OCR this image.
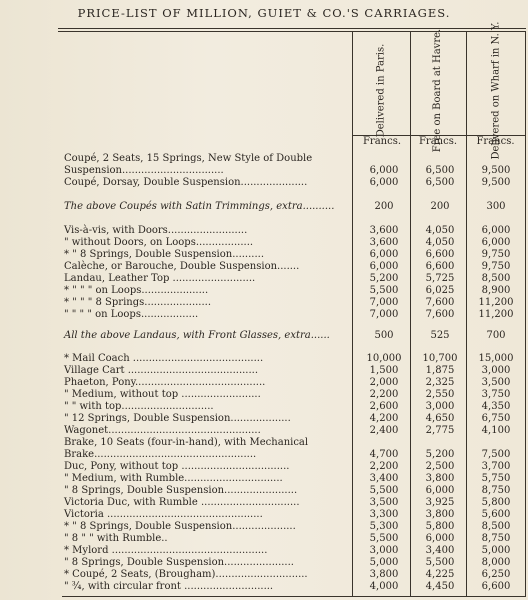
PRICE-LIST OF MILLION, GUIET & CO.'S CARRIAGES.
Delivered in Paris.	Free on Board at Havre.	Delivered on Wharf in N. Y.
Francs.	Francs.	Francs.
Coupé, 2 Seats, 15 Springs, New Style of Double
Suspension................................	6,000	6,500	9,500
Coupé, Dorsay, Double Suspension.....................	6,000	6,500	9,500
The above Coupés with Satin Trimmings, extra..........	200	200	300
Vis-à-vis, with Doors.........................	3,600	4,050	6,000
" without Doors, on Loops..................	3,600	4,050	6,000
* " 8 Springs, Double Suspension..........	6,000	6,600	9,750
Calèche, or Barouche, Double Suspension.......	6,000	6,600	9,750
Landau, Leather Top ..........................	5,200	5,725	8,500
* " " " on Loops.....................	5,500	6,025	8,900
* " " " 8 Springs.....................	7,000	7,600	11,200
" " " " on Loops..................	7,000	7,600	11,200
All the above Landaus, with Front Glasses, extra......	500	525	700
* Mail Coach .........................................	10,000	10,700	15,000
Village Cart .........................................	1,500	1,875	3,000
Phaeton, Pony.........................................	2,000	2,325	3,500
" Medium, without top .........................	2,200	2,550	3,750
" " with top.............................	2,600	3,000	4,350
" 12 Springs, Double Suspension...................	4,200	4,650	6,750
Wagonet................................................	2,400	2,775	4,100
Brake, 10 Seats (four-in-hand), with Mechanical
Brake...................................................	4,700	5,200	7,500
Duc, Pony, without top ..................................	2,200	2,500	3,700
" Medium, with Rumble...............................	3,400	3,800	5,750
" 8 Springs, Double Suspension.......................	5,500	6,000	8,750
Victoria Duc, with Rumble ...............................	3,500	3,925	5,800
Victoria .................................................	3,300	3,800	5,600
* " 8 Springs, Double Suspension....................	5,300	5,800	8,500
" 8 " " with Rumble..	5,500	6,000	8,750
* Mylord .................................................	3,000	3,400	5,000
" 8 Springs, Double Suspension......................	5,000	5,500	8,000
* Coupé, 2 Seats, (Brougham).............................	3,800	4,225	6,250
" ¾, with circular front ............................	4,000	4,450	6,600
